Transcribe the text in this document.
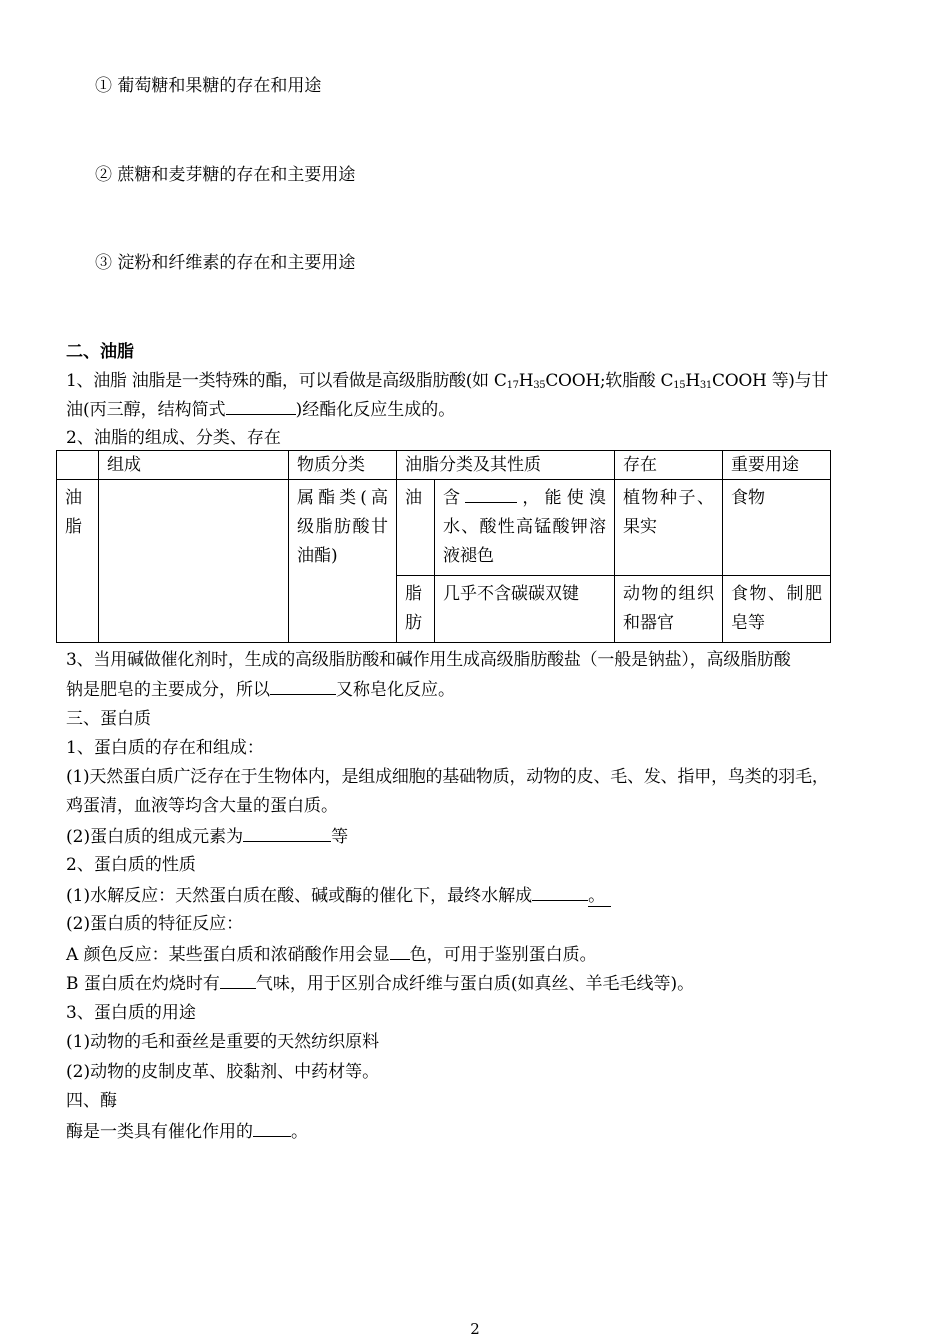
① 葡萄糖和果糖的存在和用途
② 蔗糖和麦芽糖的存在和主要用途
③ 淀粉和纤维素的存在和主要用途
二、油脂
1、油脂 油脂是一类特殊的酯，可以看做是高级脂肪酸(如 $C_{17}H_{35}COOH$;软脂酸 $C_{15}H_{31}COOH$ 等)与甘
油(丙三醇，结构简式	)经酯化反应生成的。
2、油脂的组成、分类、存在
	组成	物质分类	油脂分类及其性质		存在	重要用途
油脂		属酯类(高级脂肪酸甘油酯)	油	含 ，能使溴水、酸性高锰酸钾溶液褪色	植物种子、果实	食物
			脂肪	几乎不含碳碳双键	动物的组织和器官	食物、制肥皂等
3、当用碱做催化剂时，生成的高级脂肪酸和碱作用生成高级脂肪酸盐（一般是钠盐），高级脂肪酸
钠是肥皂的主要成分，所以	又称皂化反应。
三、蛋白质
1、蛋白质的存在和组成：
(1)天然蛋白质广泛存在于生物体内，是组成细胞的基础物质，动物的皮、毛、发、指甲，鸟类的羽毛，
鸡蛋清，血液等均含大量的蛋白质。
(2)蛋白质的组成元素为	等
2、蛋白质的性质
(1)水解反应：天然蛋白质在酸、碱或酶的催化下，最终水解成	。
(2)蛋白质的特征反应：
A 颜色反应：某些蛋白质和浓硝酸作用会显 色，可用于鉴别蛋白质。
B 蛋白质在灼烧时有 气味，用于区别合成纤维与蛋白质(如真丝、羊毛毛线等)。
3、蛋白质的用途
(1)动物的毛和蚕丝是重要的天然纺织原料
(2)动物的皮制皮革、胶黏剂、中药材等。
四、酶
酶是一类具有催化作用的 。
2
